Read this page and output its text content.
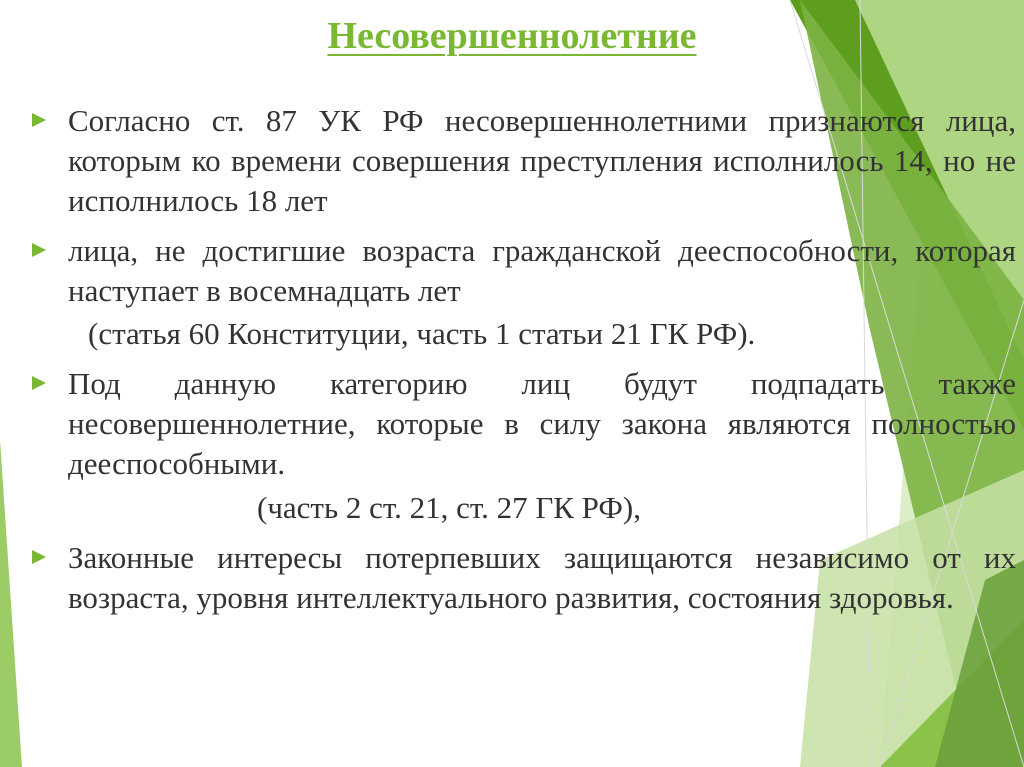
Несовершеннолетние
Согласно ст. 87 УК РФ несовершеннолетними признаются лица, которым ко времени совершения преступления исполнилось 14, но не исполнилось 18 лет
лица, не достигшие возраста гражданской дееспособности, которая наступает в восемнадцать лет
(статья 60 Конституции, часть 1 статьи 21 ГК РФ).
Под данную категорию лиц будут подпадать также несовершеннолетние, которые в силу закона являются полностью дееспособными.
(часть 2 ст. 21, ст. 27 ГК РФ),
Законные интересы потерпевших защищаются независимо от их возраста, уровня интеллектуального развития, состояния здоровья.
